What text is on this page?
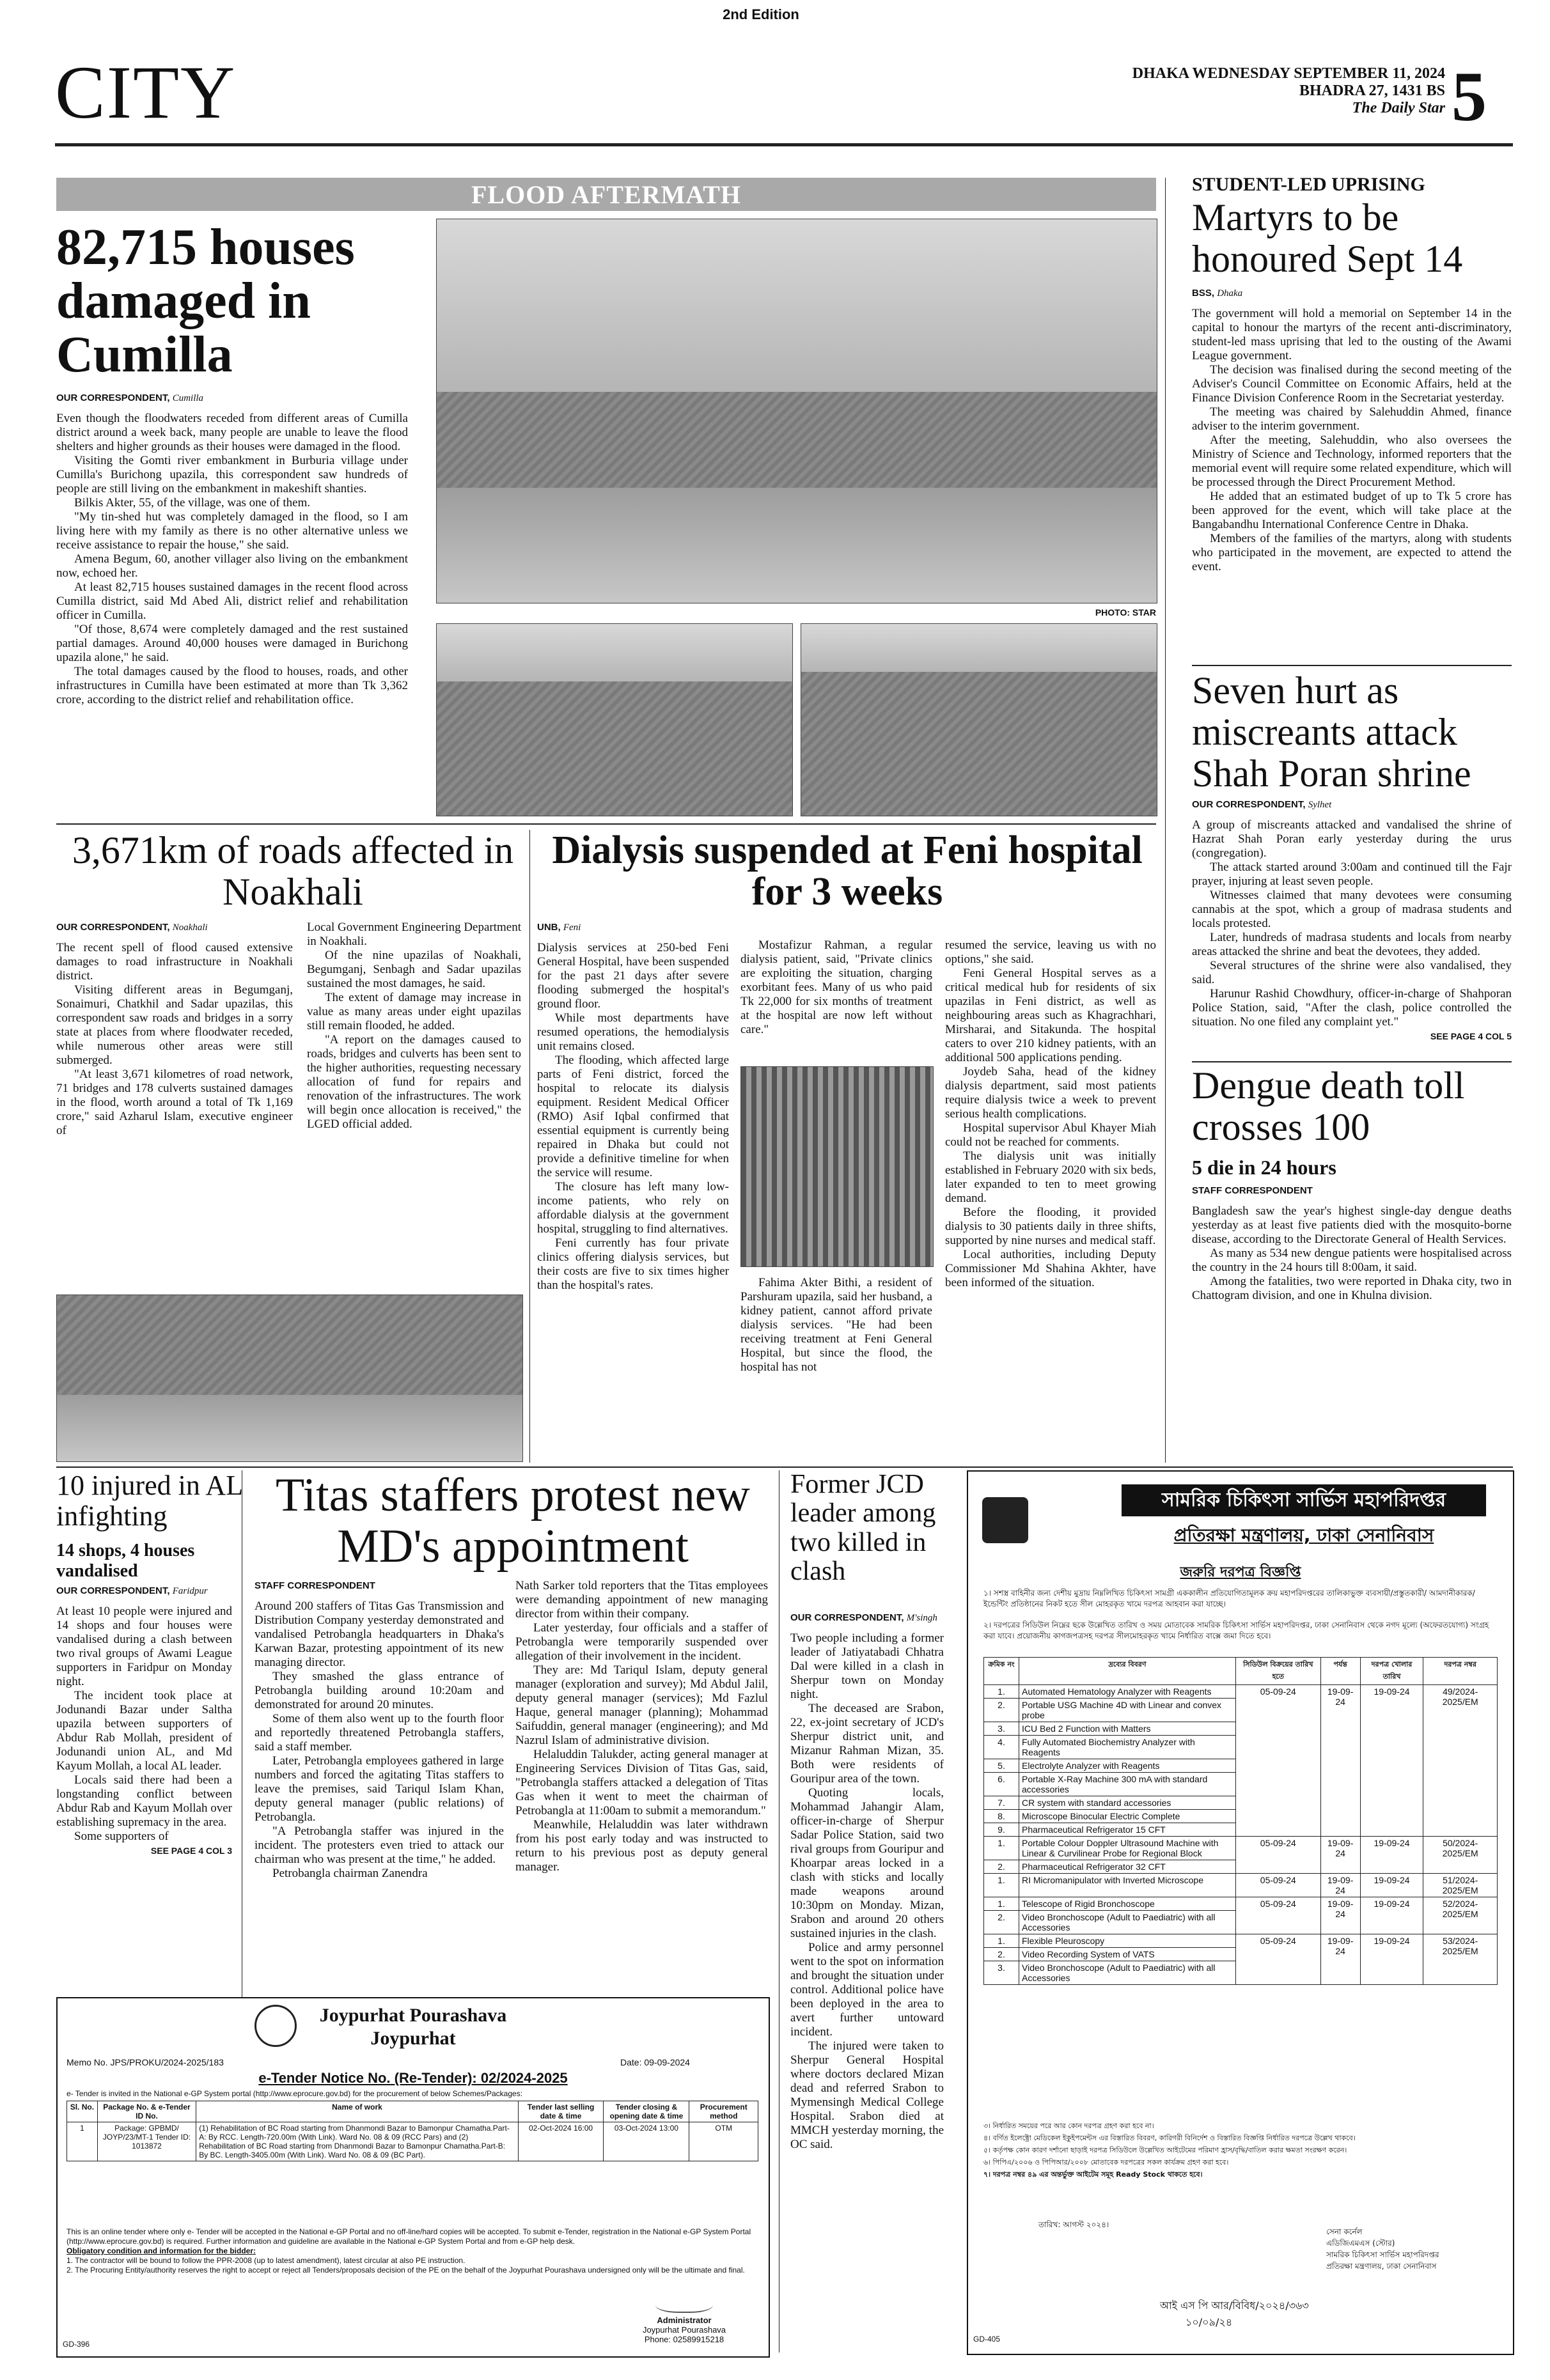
2nd Edition
CITY	DHAKA WEDNESDAY SEPTEMBER 11, 2024
BHADRA 27, 1431 BS
The Daily Star 5
FLOOD AFTERMATH
82,715 houses damaged in Cumilla
OUR CORRESPONDENT, Cumilla

Even though the floodwaters receded from different areas of Cumilla district around a week back, many people are unable to leave the flood shelters and higher grounds as their houses were damaged in the flood.

Visiting the Gomti river embankment in Burburia village under Cumilla's Burichong upazila, this correspondent saw hundreds of people are still living on the embankment in makeshift shanties.

Bilkis Akter, 55, of the village, was one of them.

"My tin-shed hut was completely damaged in the flood, so I am living here with my family as there is no other alternative unless we receive assistance to repair the house," she said.

Amena Begum, 60, another villager also living on the embankment now, echoed her.

At least 82,715 houses sustained damages in the recent flood across Cumilla district, said Md Abed Ali, district relief and rehabilitation officer in Cumilla.

"Of those, 8,674 were completely damaged and the rest sustained partial damages. Around 40,000 houses were damaged in Burichong upazila alone," he said.

The total damages caused by the flood to houses, roads, and other infrastructures in Cumilla have been estimated at more than Tk 3,362 crore, according to the district relief and rehabilitation office.

PHOTO: STAR
3,671km of roads affected in Noakhali
OUR CORRESPONDENT, Noakhali

The recent spell of flood caused extensive damages to road infrastructure in Noakhali district.

Visiting different areas in Begumganj, Sonaimuri, Chatkhil and Sadar upazilas, this correspondent saw roads and bridges in a sorry state at places from where floodwater receded, while numerous other areas were still submerged.

"At least 3,671 kilometres of road network, 71 bridges and 178 culverts sustained damages in the flood, worth around a total of Tk 1,169 crore," said Azharul Islam, executive engineer of

Local Government Engineering Department in Noakhali.

Of the nine upazilas of Noakhali, Begumganj, Senbagh and Sadar upazilas sustained the most damages, he said.

The extent of damage may increase in value as many areas under eight upazilas still remain flooded, he added.

"A report on the damages caused to roads, bridges and culverts has been sent to the higher authorities, requesting necessary allocation of fund for repairs and renovation of the infrastructures. The work will begin once allocation is received," the LGED official added.

Dialysis suspended at Feni hospital for 3 weeks
UNB, Feni

Dialysis services at 250-bed Feni General Hospital, have been suspended for the past 21 days after severe flooding submerged the hospital's ground floor.

While most departments have resumed operations, the hemodialysis unit remains closed.

The flooding, which affected large parts of Feni district, forced the hospital to relocate its dialysis equipment. Resident Medical Officer (RMO) Asif Iqbal confirmed that essential equipment is currently being repaired in Dhaka but could not provide a definitive timeline for when the service will resume.

The closure has left many low-income patients, who rely on affordable dialysis at the government hospital, struggling to find alternatives.

Feni currently has four private clinics offering dialysis services, but their costs are five to six times higher than the hospital's rates.

Mostafizur Rahman, a regular dialysis patient, said, "Private clinics are exploiting the situation, charging exorbitant fees. Many of us who paid Tk 22,000 for six months of treatment at the hospital are now left without care."

Fahima Akter Bithi, a resident of Parshuram upazila, said her husband, a kidney patient, cannot afford private dialysis services. "He had been receiving treatment at Feni General Hospital, but since the flood, the hospital has not

resumed the service, leaving us with no options," she said.

Feni General Hospital serves as a critical medical hub for residents of six upazilas in Feni district, as well as neighbouring areas such as Khagrachhari, Mirsharai, and Sitakunda. The hospital caters to over 210 kidney patients, with an additional 500 applications pending.

Joydeb Saha, head of the kidney dialysis department, said most patients require dialysis twice a week to prevent serious health complications.

Hospital supervisor Abul Khayer Miah could not be reached for comments.

The dialysis unit was initially established in February 2020 with six beds, later expanded to ten to meet growing demand.

Before the flooding, it provided dialysis to 30 patients daily in three shifts, supported by nine nurses and medical staff.

Local authorities, including Deputy Commissioner Md Shahina Akhter, have been informed of the situation.

STUDENT-LED UPRISING
Martyrs to be honoured Sept 14
BSS, Dhaka

The government will hold a memorial on September 14 in the capital to honour the martyrs of the recent anti-discriminatory, student-led mass uprising that led to the ousting of the Awami League government.

The decision was finalised during the second meeting of the Adviser's Council Committee on Economic Affairs, held at the Finance Division Conference Room in the Secretariat yesterday.

The meeting was chaired by Salehuddin Ahmed, finance adviser to the interim government.

After the meeting, Salehuddin, who also oversees the Ministry of Science and Technology, informed reporters that the memorial event will require some related expenditure, which will be processed through the Direct Procurement Method.

He added that an estimated budget of up to Tk 5 crore has been approved for the event, which will take place at the Bangabandhu International Conference Centre in Dhaka.

Members of the families of the martyrs, along with students who participated in the movement, are expected to attend the event.

Seven hurt as miscreants attack Shah Poran shrine
OUR CORRESPONDENT, Sylhet

A group of miscreants attacked and vandalised the shrine of Hazrat Shah Poran early yesterday during the urus (congregation).

The attack started around 3:00am and continued till the Fajr prayer, injuring at least seven people.

Witnesses claimed that many devotees were consuming cannabis at the spot, which a group of madrasa students and locals protested.

Later, hundreds of madrasa students and locals from nearby areas attacked the shrine and beat the devotees, they added.

Several structures of the shrine were also vandalised, they said.

Harunur Rashid Chowdhury, officer-in-charge of Shahporan Police Station, said, "After the clash, police controlled the situation. No one filed any complaint yet."

SEE PAGE 4 COL 5
Dengue death toll crosses 100
5 die in 24 hours
STAFF CORRESPONDENT

Bangladesh saw the year's highest single-day dengue deaths yesterday as at least five patients died with the mosquito-borne disease, according to the Directorate General of Health Services.

As many as 534 new dengue patients were hospitalised across the country in the 24 hours till 8:00am, it said.

Among the fatalities, two were reported in Dhaka city, two in Chattogram division, and one in Khulna division.

10 injured in AL infighting
14 shops, 4 houses vandalised
OUR CORRESPONDENT, Faridpur

At least 10 people were injured and 14 shops and four houses were vandalised during a clash between two rival groups of Awami League supporters in Faridpur on Monday night.

The incident took place at Jodunandi Bazar under Saltha upazila between supporters of Abdur Rab Mollah, president of Jodunandi union AL, and Md Kayum Mollah, a local AL leader.

Locals said there had been a longstanding conflict between Abdur Rab and Kayum Mollah over establishing supremacy in the area.

Some supporters of

SEE PAGE 4 COL 3
Titas staffers protest new MD's appointment
STAFF CORRESPONDENT

Around 200 staffers of Titas Gas Transmission and Distribution Company yesterday demonstrated and vandalised Petrobangla headquarters in Dhaka's Karwan Bazar, protesting appointment of its new managing director.

They smashed the glass entrance of Petrobangla building around 10:20am and demonstrated for around 20 minutes.

Some of them also went up to the fourth floor and reportedly threatened Petrobangla staffers, said a staff member.

Later, Petrobangla employees gathered in large numbers and forced the agitating Titas staffers to leave the premises, said Tariqul Islam Khan, deputy general manager (public relations) of Petrobangla.

"A Petrobangla staffer was injured in the incident. The protesters even tried to attack our chairman who was present at the time," he added.

Petrobangla chairman Zanendra

Nath Sarker told reporters that the Titas employees were demanding appointment of new managing director from within their company.

Later yesterday, four officials and a staffer of Petrobangla were temporarily suspended over allegation of their involvement in the incident.

They are: Md Tariqul Islam, deputy general manager (exploration and survey); Md Abdul Jalil, deputy general manager (services); Md Fazlul Haque, general manager (planning); Mohammad Saifuddin, general manager (engineering); and Md Nazrul Islam of administrative division.

Helaluddin Talukder, acting general manager at Engineering Services Division of Titas Gas, said, "Petrobangla staffers attacked a delegation of Titas Gas when it went to meet the chairman of Petrobangla at 11:00am to submit a memorandum."

Meanwhile, Helaluddin was later withdrawn from his post early today and was instructed to return to his previous post as deputy general manager.

Former JCD leader among two killed in clash
OUR CORRESPONDENT, M'singh

Two people including a former leader of Jatiyatabadi Chhatra Dal were killed in a clash in Sherpur town on Monday night.

The deceased are Srabon, 22, ex-joint secretary of JCD's Sherpur district unit, and Mizanur Rahman Mizan, 35. Both were residents of Gouripur area of the town.

Quoting locals, Mohammad Jahangir Alam, officer-in-charge of Sherpur Sadar Police Station, said two rival groups from Gouripur and Khoarpar areas locked in a clash with sticks and locally made weapons around 10:30pm on Monday. Mizan, Srabon and around 20 others sustained injuries in the clash.

Police and army personnel went to the spot on information and brought the situation under control. Additional police have been deployed in the area to avert further untoward incident.

The injured were taken to Sherpur General Hospital where doctors declared Mizan dead and referred Srabon to Mymensingh Medical College Hospital. Srabon died at MMCH yesterday morning, the OC said.

Joypurhat Pourashava
Joypurhat
Memo No. JPS/PROKU/2024-2025/183	Date: 09-09-2024
e-Tender Notice No. (Re-Tender): 02/2024-2025
e- Tender is invited in the National e-GP System portal (http://www.eprocure.gov.bd) for the procurement of below Schemes/Packages:
Sl. No.	Package No. & e-Tender ID No.	Name of work	Tender last selling date & time	Tender closing & opening date & time	Procurement method
1	Package: GPBMD/ JOYP/23/MT-1 Tender ID: 1013872	(1) Rehabilitation of BC Road starting from Dhanmondi Bazar to Bamonpur Chamatha.Part-A: By RCC. Length-720.00m (With Link). Ward No. 08 & 09 (RCC Pars) and (2) Rehabilitation of BC Road starting from Dhanmondi Bazar to Bamonpur Chamatha.Part-B: By BC. Length-3405.00m (With Link). Ward No. 08 & 09 (BC Part).	02-Oct-2024 16:00	03-Oct-2024 13:00	OTM
This is an online tender where only e- Tender will be accepted in the National e-GP Portal and no off-line/hard copies will be accepted. To submit e-Tender, registration in the National e-GP System Portal (http://www.eprocure.gov.bd) is required. Further information and guideline are available in the National e-GP System Portal and from e-GP help desk.
Obligatory condition and information for the bidder:
1. The contractor will be bound to follow the PPR-2008 (up to latest amendment), latest circular at also PE instruction.
2. The Procuring Entity/authority reserves the right to accept or reject all Tenders/proposals decision of the PE on the behalf of the Joypurhat Pourashava undersigned only will be the ultimate and final.
Administrator
Joypurhat Pourashava
Phone: 02589915218
GD-396
সামরিক চিকিৎসা সার্ভিস মহাপরিদপ্তর
প্রতিরক্ষা মন্ত্রণালয়, ঢাকা সেনানিবাস
জরুরি দরপত্র বিজ্ঞপ্তি
১। সশস্ত্র বাহিনীর জন্য দেশীয় মুদ্রায় নিম্নলিখিত চিকিৎসা সামগ্রী এককালীন প্রতিযোগিতামূলক ক্রয় মহাপরিদপ্তরের তালিকাভুক্ত ব্যবসায়ী/প্রস্তুতকারী/ আমদানীকারক/ইন্ডেন্টিং প্রতিষ্ঠানের নিকট হতে সীল মোহরকৃত খামে দরপত্র আহবান করা যাচ্ছে।
২। দরপত্রের সিডিউল নিম্নের ছকে উল্লেখিত তারিখ ও সময় মোতাবেক সামরিক চিকিৎসা সার্ভিস মহাপরিদপ্তর, ঢাকা সেনানিবাস থেকে নগদ মূল্যে (অফেরতযোগ্য) সংগ্রহ করা যাবে। প্রয়োজনীয় কাগজপত্রসহ দরপত্র সীলমোহরকৃত খামে নির্ধারিত বাক্সে জমা দিতে হবে।
ক্রমিক নং	দ্রব্যের বিবরণ	সিডিউল বিক্রয়ের তারিখ হতে	পর্যন্ত	দরপত্র খোলার তারিখ	দরপত্র নম্বর
1.	Automated Hematology Analyzer with Reagents	05-09-24	19-09-24	19-09-24	49/2024-2025/EM
2.	Portable USG Machine 4D with Linear and convex probe				
3.	ICU Bed 2 Function with Matters				
4.	Fully Automated Biochemistry Analyzer with Reagents				
5.	Electrolyte Analyzer with Reagents				
6.	Portable X-Ray Machine 300 mA with standard accessories				
7.	CR system with standard accessories				
8.	Microscope Binocular Electric Complete				
9.	Pharmaceutical Refrigerator 15 CFT				
1.	Portable Colour Doppler Ultrasound Machine with Linear & Curvilinear Probe for Regional Block	05-09-24	19-09-24	19-09-24	50/2024-2025/EM
2.	Pharmaceutical Refrigerator 32 CFT				
1.	RI Micromanipulator with Inverted Microscope	05-09-24	19-09-24	19-09-24	51/2024-2025/EM
1.	Telescope of Rigid Bronchoscope	05-09-24	19-09-24	19-09-24	52/2024-2025/EM
2.	Video Bronchoscope (Adult to Paediatric) with all Accessories				
1.	Flexible Pleuroscopy	05-09-24	19-09-24	19-09-24	53/2024-2025/EM
2.	Video Recording System of VATS				
3.	Video Bronchoscope (Adult to Paediatric) with all Accessories				
৩। নির্ধারিত সময়ের পরে আর কোন দরপত্র গ্রহণ করা হবে না।
৪। বর্ণিত ইলেক্ট্রো মেডিকেল ইকুইপমেন্টস এর বিস্তারিত বিবরণ, কারিগরী বিনির্দেশ ও বিস্তারিত বিজ্ঞপ্তি নির্ধারিত দরপত্রে উল্লেখ থাকবে।
৫। কর্তৃপক্ষ কোন কারণ দর্শানো ছাড়াই দরপত্র সিডিউলে উল্লেখিত আইটেমের পরিমাণ হ্রাস/বৃদ্ধি/বাতিল করার ক্ষমতা সংরক্ষণ করেন।
৬। পিপিএ/২০০৬ ও পিপিআর/২০০৮ মোতাবেক দরপত্রের সকল কার্যক্রম গ্রহণ করা হবে।
৭। দরপত্র নম্বর ৪৯ এর অন্তর্ভুক্ত আইটেম সমূহ Ready Stock থাকতে হবে।
তারিখ: আগস্ট ২০২৪।
সেনা কর্নেল
এডিজিএমএস (স্টোর)
সামরিক চিকিৎসা সার্ভিস মহাপরিদপ্তর
প্রতিরক্ষা মন্ত্রণালয়, ঢাকা সেনানিবাস
আই এস পি আর/বিবিধ/২০২৪/৩৬৩
১০/০৯/২৪
GD-405
